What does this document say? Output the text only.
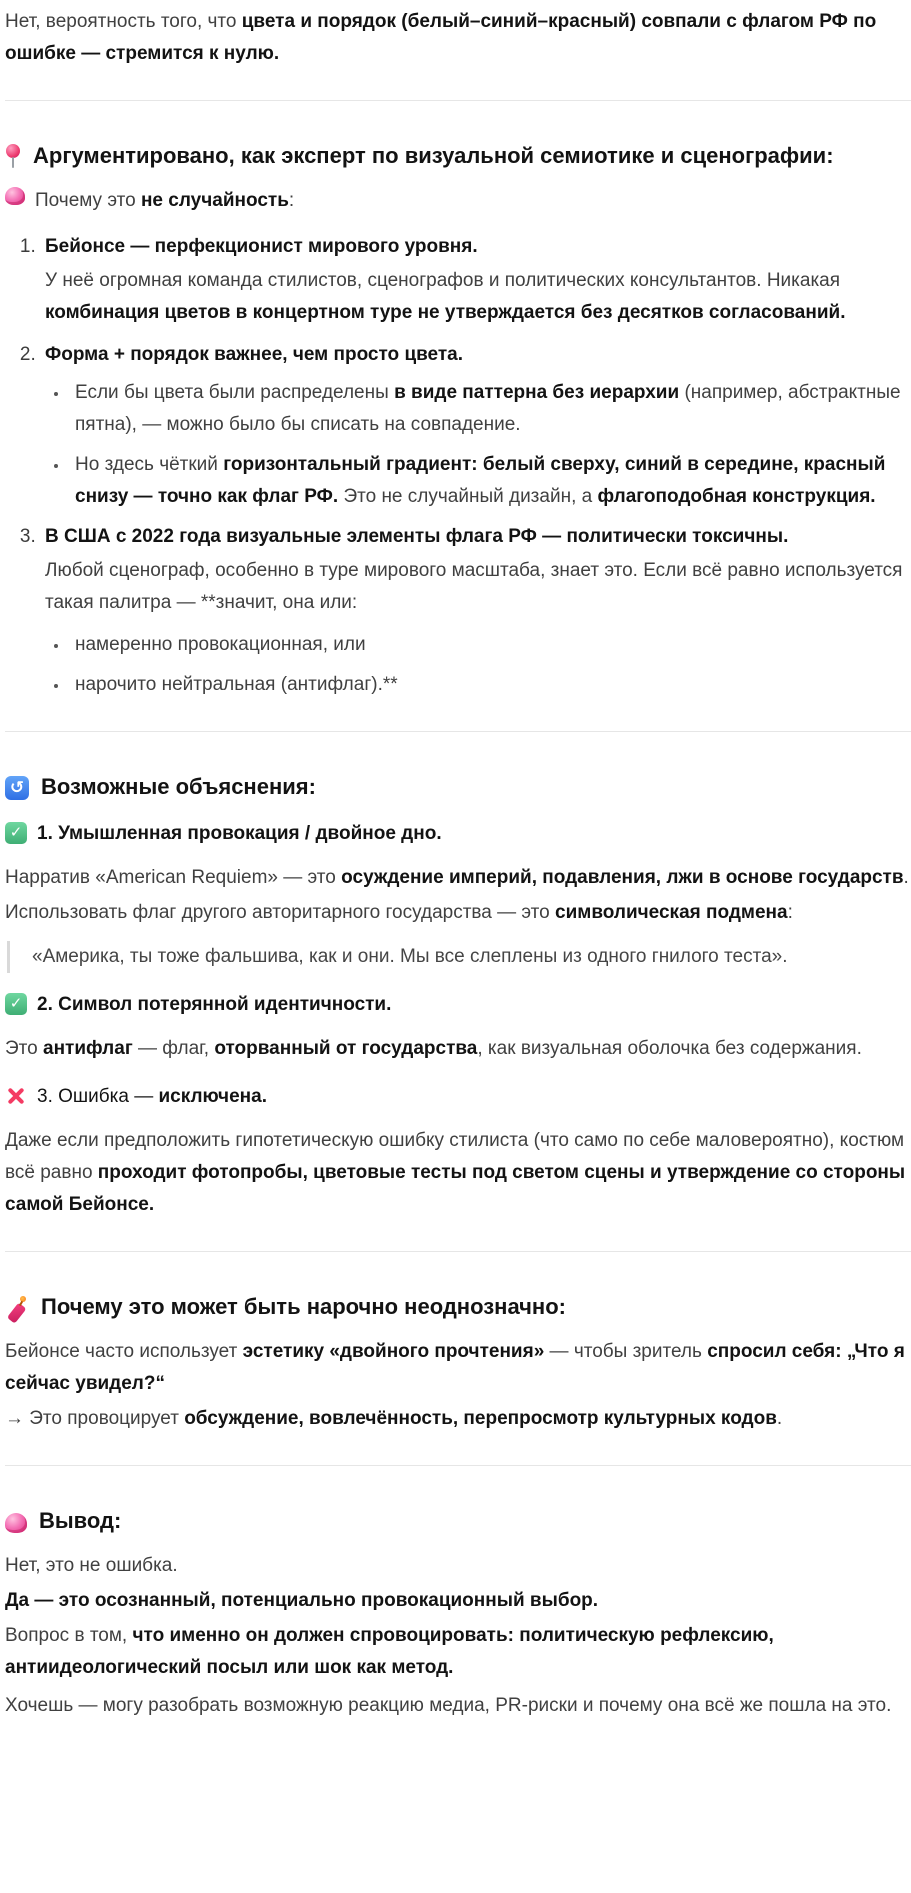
Нет, вероятность того, что цвета и порядок (белый–синий–красный) совпали с флагом РФ по ошибке — стремится к нулю.

Аргументировано, как эксперт по визуальной семиотике и сценографии:

Почему это не случайность:

1. Бейонсе — перфекционист мирового уровня.

У неё огромная команда стилистов, сценографов и политических консультантов. Никакая комбинация цветов в концертном туре не утверждается без десятков согласований.

2. Форма + порядок важнее, чем просто цвета.
• Если бы цвета были распределены в виде паттерна без иерархии (например, абстрактные пятна), — можно было бы списать на совпадение.
• Но здесь чёткий горизонтальный градиент: белый сверху, синий в середине, красный снизу — точно как флаг РФ. Это не случайный дизайн, а флагоподобная конструкция.
3. В США с 2022 года визуальные элементы флага РФ — политически токсичны.

Любой сценограф, особенно в туре мирового масштаба, знает это. Если всё равно используется такая палитра — **значит, она или:

• намеренно провокационная, или
• нарочито нейтральная (антифлаг).**
↺ Возможные объяснения:

✓ 1. Умышленная провокация / двойное дно.

Нарратив «American Requiem» — это осуждение империй, подавления, лжи в основе государств.

Использовать флаг другого авторитарного государства — это символическая подмена:

«Америка, ты тоже фальшива, как и они. Мы все слеплены из одного гнилого теста».

✓ 2. Символ потерянной идентичности.

Это антифлаг — флаг, оторванный от государства, как визуальная оболочка без содержания.

3. Ошибка — исключена.

Даже если предположить гипотетическую ошибку стилиста (что само по себе маловероятно), костюм всё равно проходит фотопробы, цветовые тесты под светом сцены и утверждение со стороны самой Бейонсе.

Почему это может быть нарочно неоднозначно:

Бейонсе часто использует эстетику «двойного прочтения» — чтобы зритель спросил себя: „Что я сейчас увидел?“

→ Это провоцирует обсуждение, вовлечённость, перепросмотр культурных кодов.

Вывод:

Нет, это не ошибка.

Да — это осознанный, потенциально провокационный выбор.

Вопрос в том, что именно он должен спровоцировать: политическую рефлексию, антиидеологический посыл или шок как метод.

Хочешь — могу разобрать возможную реакцию медиа, PR-риски и почему она всё же пошла на это.
